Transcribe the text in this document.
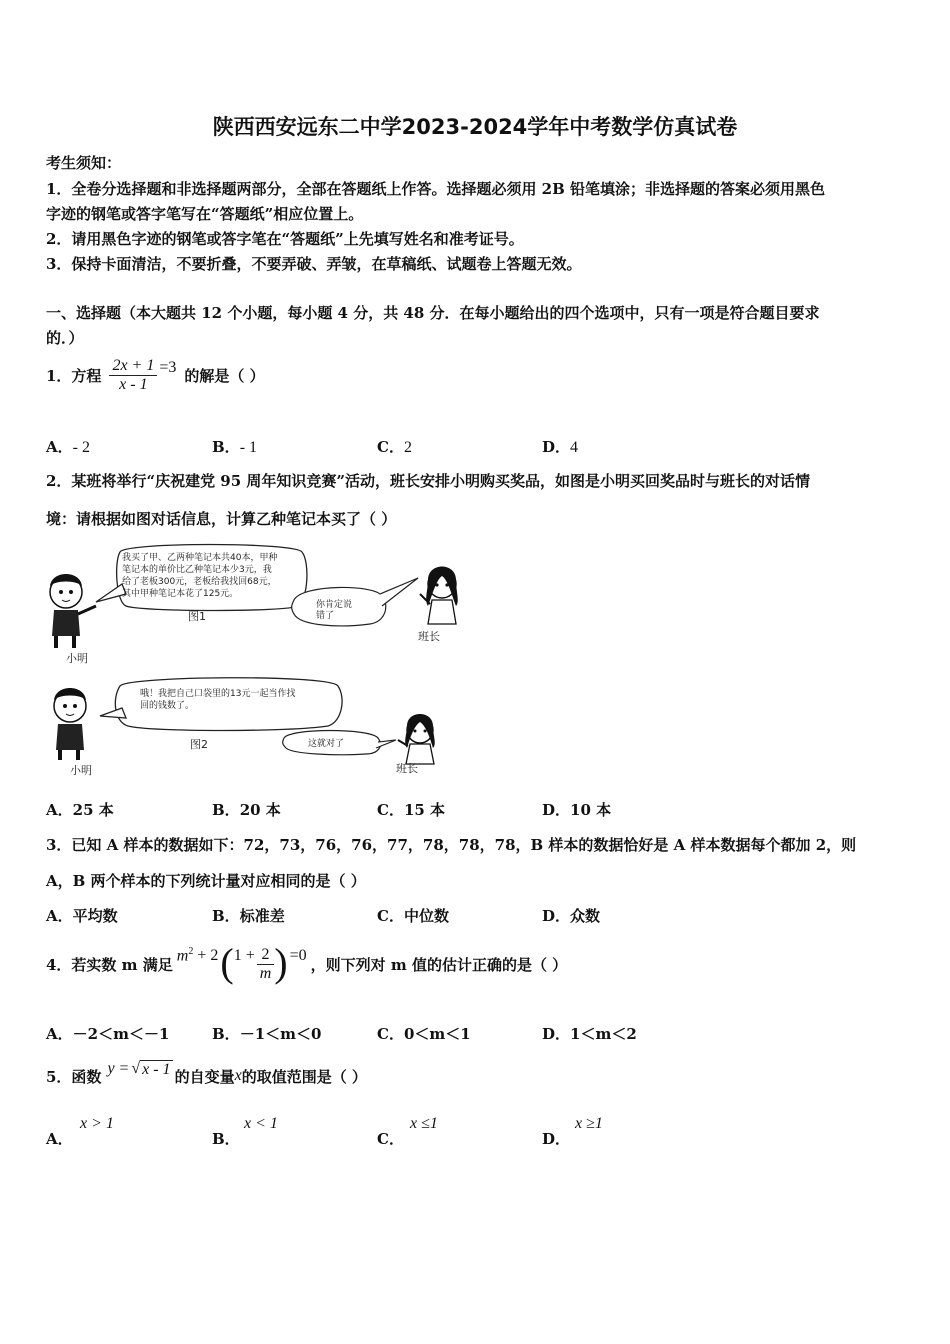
陕西西安远东二中学2023-2024学年中考数学仿真试卷
考生须知：
1．全卷分选择题和非选择题两部分，全部在答题纸上作答。选择题必须用 2B 铅笔填涂；非选择题的答案必须用黑色
字迹的钢笔或答字笔写在“答题纸”相应位置上。
2．请用黑色字迹的钢笔或答字笔在“答题纸”上先填写姓名和准考证号。
3．保持卡面清洁，不要折叠，不要弄破、弄皱，在草稿纸、试题卷上答题无效。
一、选择题（本大题共 12 个小题，每小题 4 分，共 48 分．在每小题给出的四个选项中，只有一项是符合题目要求
的．）
1．方程 $\frac{2x + 1}{x - 1} =3$ 的解是（ ）
A．- 2	B．- 1	C．2	D．4
2．某班将举行“庆祝建党 95 周年知识竞赛”活动，班长安排小明购买奖品，如图是小明买回奖品时与班长的对话情
境：请根据如图对话信息，计算乙种笔记本买了（ ）
我买了甲、乙两种笔记本共40本，甲种
笔记本的单价比乙种笔记本少3元，我
给了老板300元，老板给我找回68元，
其中甲种笔记本花了125元。
你肯定说
错了
图1
小明
班长
哦！我把自己口袋里的13元一起当作找
回的钱数了。
图2	这就对了
小明	班长
A．25 本	B．20 本	C．15 本	D．10 本
3．已知 A 样本的数据如下：72，73，76，76，77，78，78，78，B 样本的数据恰好是 A 样本数据每个都加 2，则
A，B 两个样本的下列统计量对应相同的是（ ）
A．平均数	B．标准差	C．中位数	D．众数
4．若实数 m 满足 $m^2 + 2$ ( $1 + \frac{2}{m}$ ) =0 ，则下列对 m 值的估计正确的是（ ）
A．－2＜m＜－1	B．－1＜m＜0	C．0＜m＜1	D．1＜m＜2
5．函数 y = √ x - 1 的自变量 x 的取值范围是（ ）
A．
x > 1
B．
x < 1
C．
x ≤1
D．
x ≥1
